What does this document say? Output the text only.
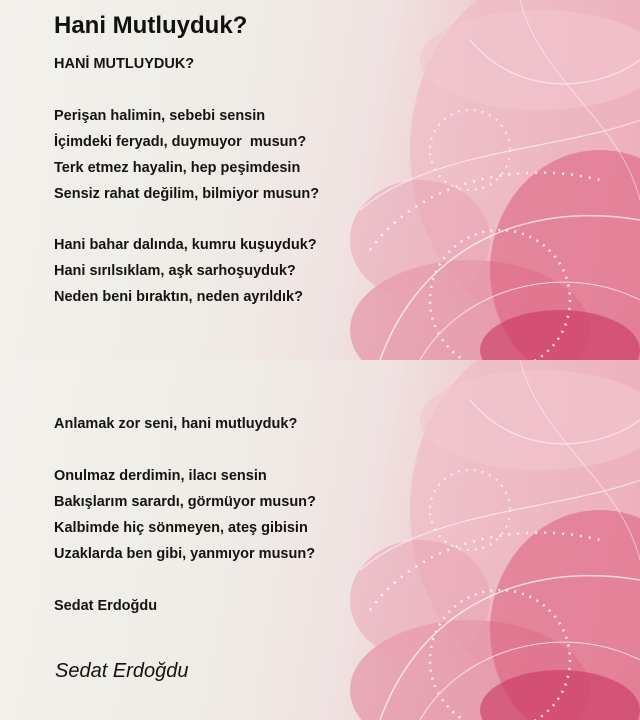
Hani Mutluyduk?

HANİ MUTLUYDUK?

Perişan halimin, sebebi sensin

İçimdeki feryadı, duymuyor  musun?

Terk etmez hayalin, hep peşimdesin

Sensiz rahat değilim, bilmiyor musun?

Hani bahar dalında, kumru kuşuyduk?

Hani sırılsıklam, aşk sarhoşuyduk?

Neden beni bıraktın, neden ayrıldık?

Anlamak zor seni, hani mutluyduk?

Onulmaz derdimin, ilacı sensin

Bakışlarım sarardı, görmüyor musun?

Kalbimde hiç sönmeyen, ateş gibisin

Uzaklarda ben gibi, yanmıyor musun?

Sedat Erdoğdu

Sedat Erdoğdu
